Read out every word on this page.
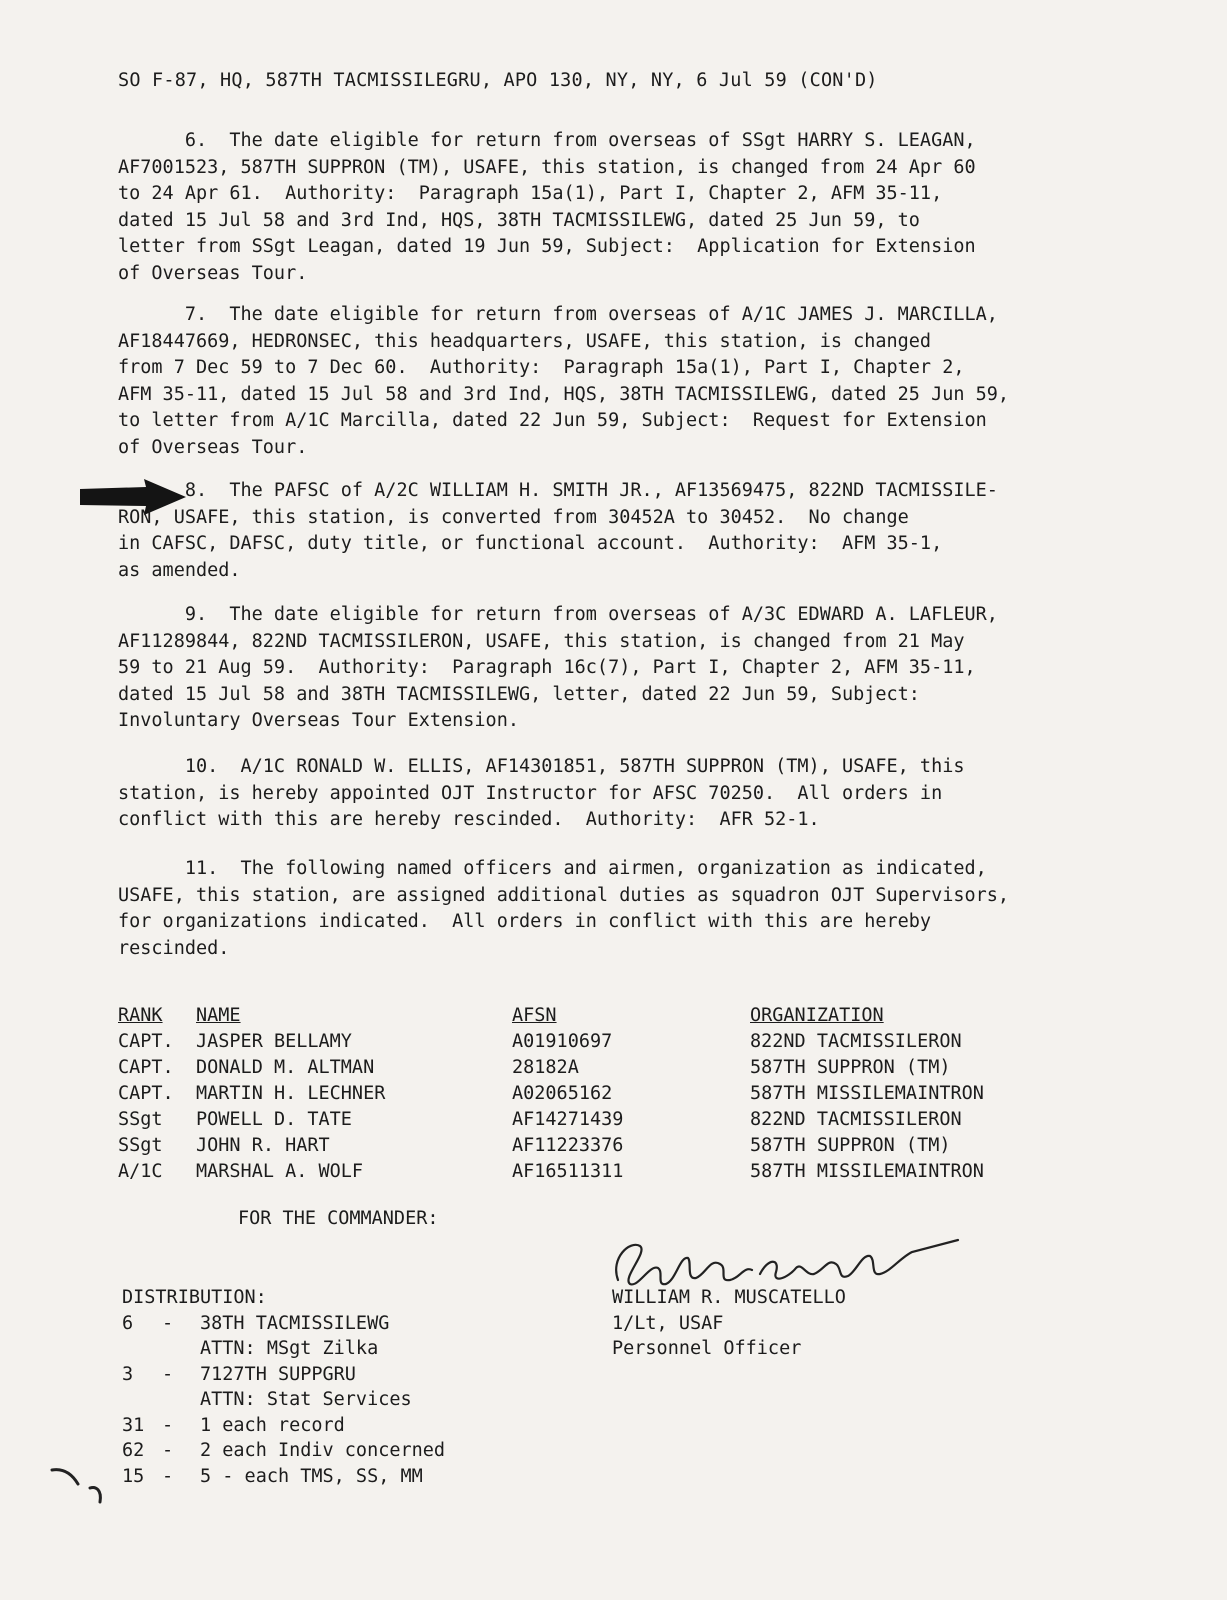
SO F-87, HQ, 587TH TACMISSILEGRU, APO 130, NY, NY, 6 Jul 59 (CON'D)
6.  The date eligible for return from overseas of SSgt HARRY S. LEAGAN,
AF7001523, 587TH SUPPRON (TM), USAFE, this station, is changed from 24 Apr 60
to 24 Apr 61.  Authority:  Paragraph 15a(1), Part I, Chapter 2, AFM 35-11,
dated 15 Jul 58 and 3rd Ind, HQS, 38TH TACMISSILEWG, dated 25 Jun 59, to
letter from SSgt Leagan, dated 19 Jun 59, Subject:  Application for Extension
of Overseas Tour.
7.  The date eligible for return from overseas of A/1C JAMES J. MARCILLA,
AF18447669, HEDRONSEC, this headquarters, USAFE, this station, is changed
from 7 Dec 59 to 7 Dec 60.  Authority:  Paragraph 15a(1), Part I, Chapter 2,
AFM 35-11, dated 15 Jul 58 and 3rd Ind, HQS, 38TH TACMISSILEWG, dated 25 Jun 59,
to letter from A/1C Marcilla, dated 22 Jun 59, Subject:  Request for Extension
of Overseas Tour.
8.  The PAFSC of A/2C WILLIAM H. SMITH JR., AF13569475, 822ND TACMISSILE-
RON, USAFE, this station, is converted from 30452A to 30452.  No change
in CAFSC, DAFSC, duty title, or functional account.  Authority:  AFM 35-1,
as amended.
9.  The date eligible for return from overseas of A/3C EDWARD A. LAFLEUR,
AF11289844, 822ND TACMISSILERON, USAFE, this station, is changed from 21 May
59 to 21 Aug 59.  Authority:  Paragraph 16c(7), Part I, Chapter 2, AFM 35-11,
dated 15 Jul 58 and 38TH TACMISSILEWG, letter, dated 22 Jun 59, Subject:
Involuntary Overseas Tour Extension.
10.  A/1C RONALD W. ELLIS, AF14301851, 587TH SUPPRON (TM), USAFE, this
station, is hereby appointed OJT Instructor for AFSC 70250.  All orders in
conflict with this are hereby rescinded.  Authority:  AFR 52-1.
11.  The following named officers and airmen, organization as indicated,
USAFE, this station, are assigned additional duties as squadron OJT Supervisors,
for organizations indicated.  All orders in conflict with this are hereby
rescinded.
RANK NAME	AFSN	ORGANIZATION
CAPT. JASPER BELLAMY	A01910697	822ND TACMISSILERON
CAPT. DONALD M. ALTMAN	28182A	587TH SUPPRON (TM)
CAPT. MARTIN H. LECHNER	A02065162	587TH MISSILEMAINTRON
SSgt POWELL D. TATE	AF14271439	822ND TACMISSILERON
SSgt JOHN R. HART	AF11223376	587TH SUPPRON (TM)
A/1C MARSHAL A. WOLF	AF16511311	587TH MISSILEMAINTRON
FOR THE COMMANDER:
DISTRIBUTION:
6 - 38TH TACMISSILEWG
ATTN: MSgt Zilka
3 - 7127TH SUPPGRU
ATTN: Stat Services
31 - 1 each record
62 - 2 each Indiv concerned
15 - 5 - each TMS, SS, MM
WILLIAM R. MUSCATELLO
1/Lt, USAF
Personnel Officer
